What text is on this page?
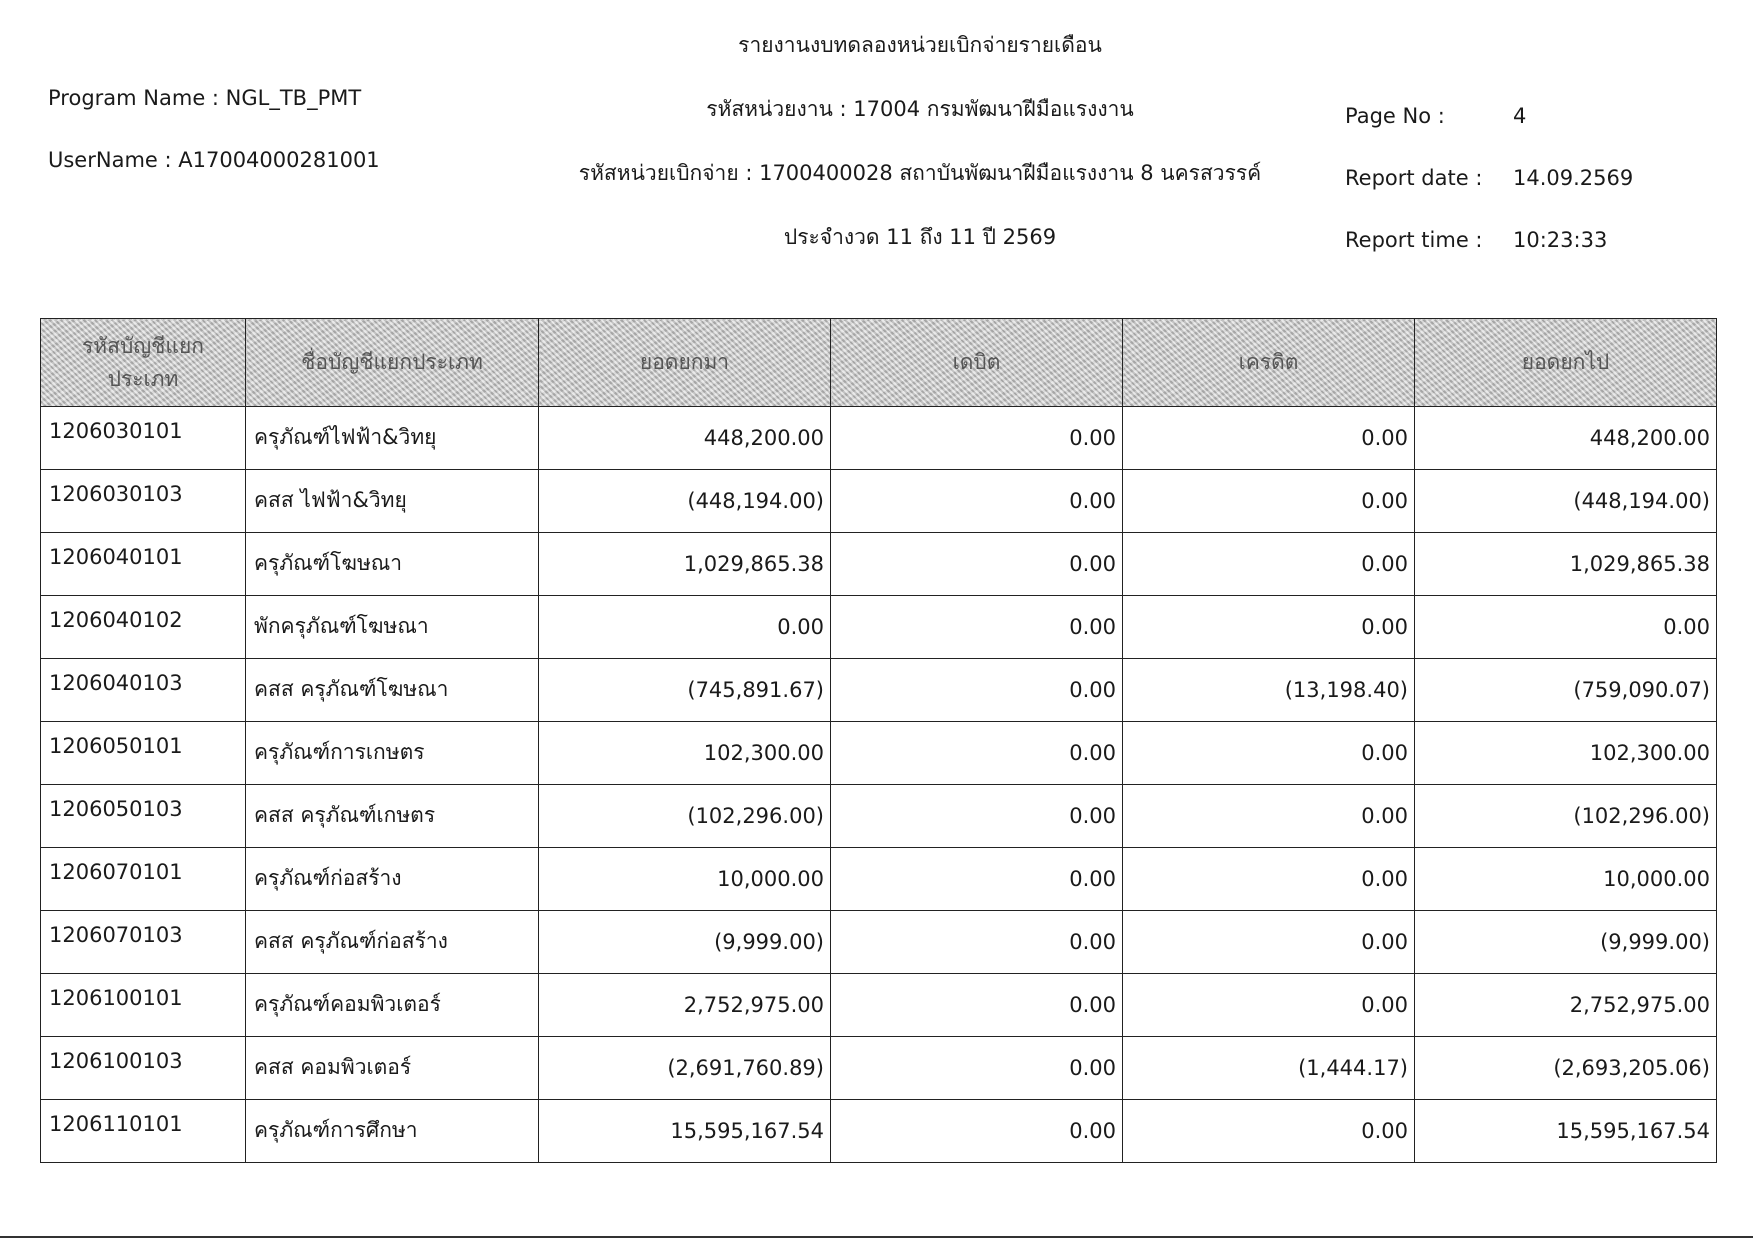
Program Name : NGL_TB_PMT
UserName : A17004000281001
รายงานงบทดลองหน่วยเบิกจ่ายรายเดือน
รหัสหน่วยงาน : 17004 กรมพัฒนาฝีมือแรงงาน
รหัสหน่วยเบิกจ่าย : 1700400028 สถาบันพัฒนาฝีมือแรงงาน 8 นครสวรรค์
ประจำงวด 11 ถึง 11 ปี 2569
Page No :	4
Report date :	14.09.2569
Report time :	10:23:33
รหัสบัญชีแยกประเภท	ชื่อบัญชีแยกประเภท	ยอดยกมา	เดบิต	เครดิต	ยอดยกไป
1206030101	ครุภัณฑ์ไฟฟ้า&วิทยุ	448,200.00	0.00	0.00	448,200.00
1206030103	คสส ไฟฟ้า&วิทยุ	(448,194.00)	0.00	0.00	(448,194.00)
1206040101	ครุภัณฑ์โฆษณา	1,029,865.38	0.00	0.00	1,029,865.38
1206040102	พักครุภัณฑ์โฆษณา	0.00	0.00	0.00	0.00
1206040103	คสส ครุภัณฑ์โฆษณา	(745,891.67)	0.00	(13,198.40)	(759,090.07)
1206050101	ครุภัณฑ์การเกษตร	102,300.00	0.00	0.00	102,300.00
1206050103	คสส ครุภัณฑ์เกษตร	(102,296.00)	0.00	0.00	(102,296.00)
1206070101	ครุภัณฑ์ก่อสร้าง	10,000.00	0.00	0.00	10,000.00
1206070103	คสส ครุภัณฑ์ก่อสร้าง	(9,999.00)	0.00	0.00	(9,999.00)
1206100101	ครุภัณฑ์คอมพิวเตอร์	2,752,975.00	0.00	0.00	2,752,975.00
1206100103	คสส คอมพิวเตอร์	(2,691,760.89)	0.00	(1,444.17)	(2,693,205.06)
1206110101	ครุภัณฑ์การศึกษา	15,595,167.54	0.00	0.00	15,595,167.54
